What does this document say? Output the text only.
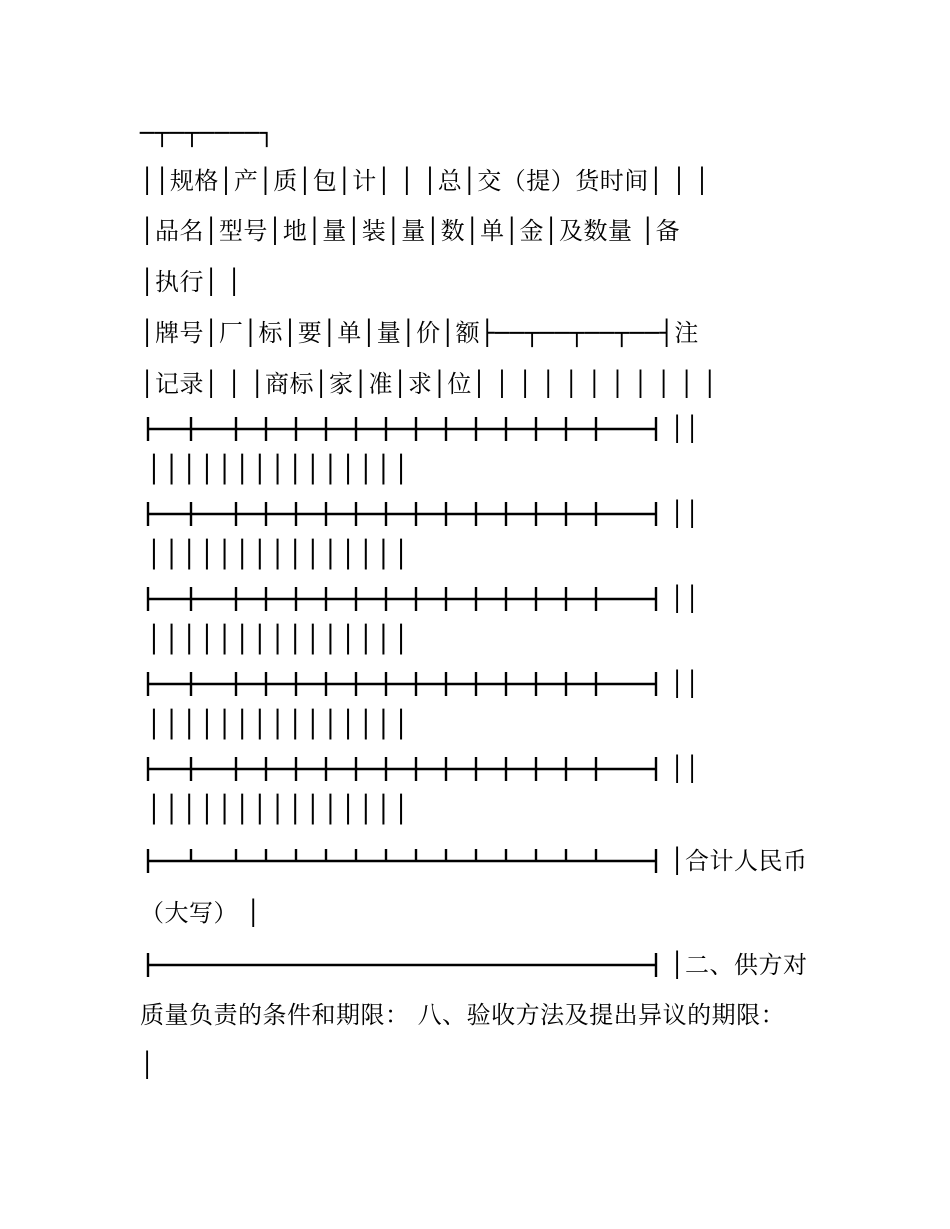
─┬─┬────┐
││规格│产│质│包│计│ │ │总│交（提）货时间│ │ │
│品名│型号│地│量│装│量│数│单│金│及数量 │备
│执行│ │
│牌号│厂│标│要│单│量│价│额├──┬──┬──┬──┤注
│记录│ │ │商标│家│准│求│位│ │ │ │ │ │ │ │ │ │ │
││
│││││││││││││││
││
│││││││││││││││
││
│││││││││││││││
││
│││││││││││││││
││
│││││││││││││││
│合计人民币
（大写） │
│二、供方对
质量负责的条件和期限： 八、验收方法及提出异议的期限：
│
